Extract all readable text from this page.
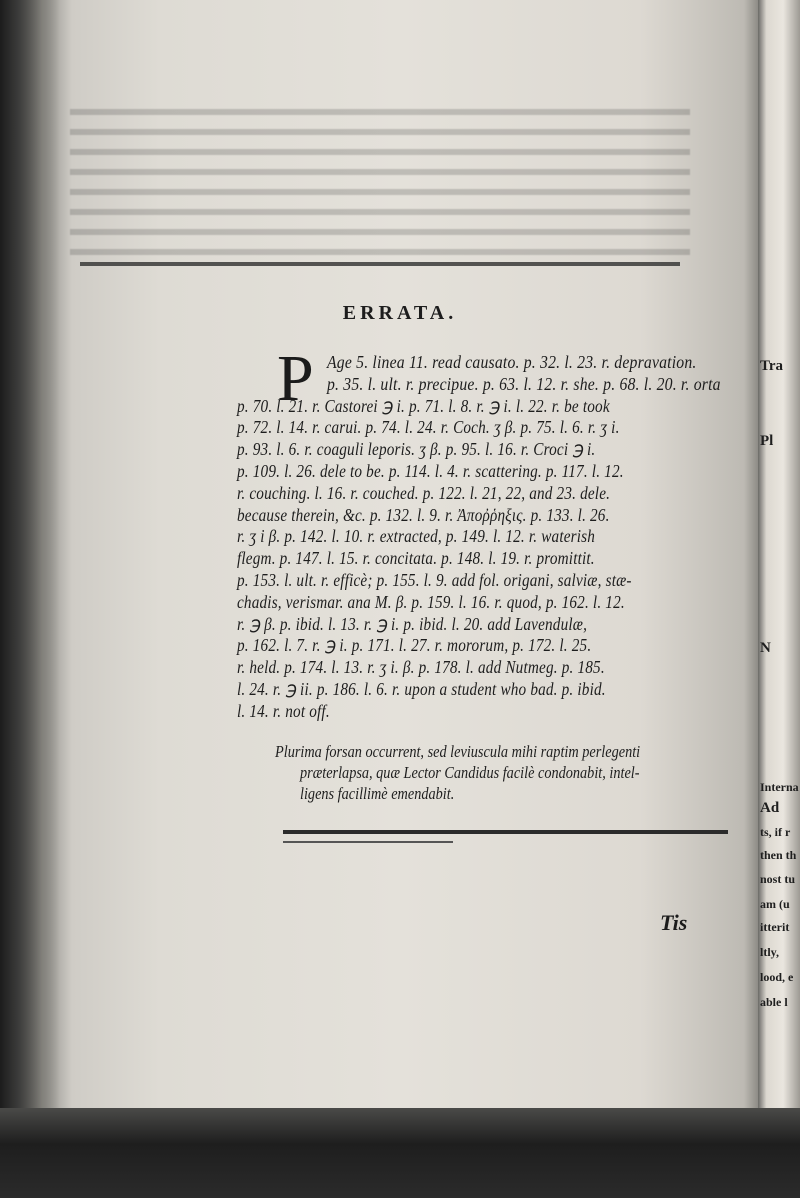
Tra
Pl
N
Interna
Ad
ts, if r
then th
nost tu
am (u
itterit
ltly,
lood, e
able l
ERRATA.
P Age 5. linea 11. read causato. p. 32. l. 23. r. depravation.
p. 35. l. ult. r. precipue. p. 63. l. 12. r. she. p. 68. l. 20. r. orta
p. 70. l. 21. r. Castorei ℈ i. p. 71. l. 8. r. ℈ i. l. 22. r. be took
p. 72. l. 14. r. carui. p. 74. l. 24. r. Coch. ʒ β. p. 75. l. 6. r. ʒ i.
p. 93. l. 6. r. coaguli leporis. ʒ β. p. 95. l. 16. r. Croci ℈ i.
p. 109. l. 26. dele to be. p. 114. l. 4. r. scattering. p. 117. l. 12.
r. couching. l. 16. r. couched. p. 122. l. 21, 22, and 23. dele.
because therein, &c. p. 132. l. 9. r. Ἀποῤῥηξις. p. 133. l. 26.
r. ʒ i β. p. 142. l. 10. r. extracted, p. 149. l. 12. r. waterish
flegm. p. 147. l. 15. r. concitata. p. 148. l. 19. r. promittit.
p. 153. l. ult. r. efficè; p. 155. l. 9. add fol. origani, salviæ, stæ-
chadis, verismar. ana M. β. p. 159. l. 16. r. quod, p. 162. l. 12.
r. ℈ β. p. ibid. l. 13. r. ℈ i. p. ibid. l. 20. add Lavendulæ,
p. 162. l. 7. r. ℈ i. p. 171. l. 27. r. mororum, p. 172. l. 25.
r. held. p. 174. l. 13. r. ʒ i. β. p. 178. l. add Nutmeg. p. 185.
l. 24. r. ℈ ii. p. 186. l. 6. r. upon a student who bad. p. ibid.
l. 14. r. not off.
Plurima forsan occurrent, sed leviuscula mihi raptim perlegenti
præterlapsa, quæ Lector Candidus facilè condonabit, intel-
ligens facillimè emendabit.
Tis
